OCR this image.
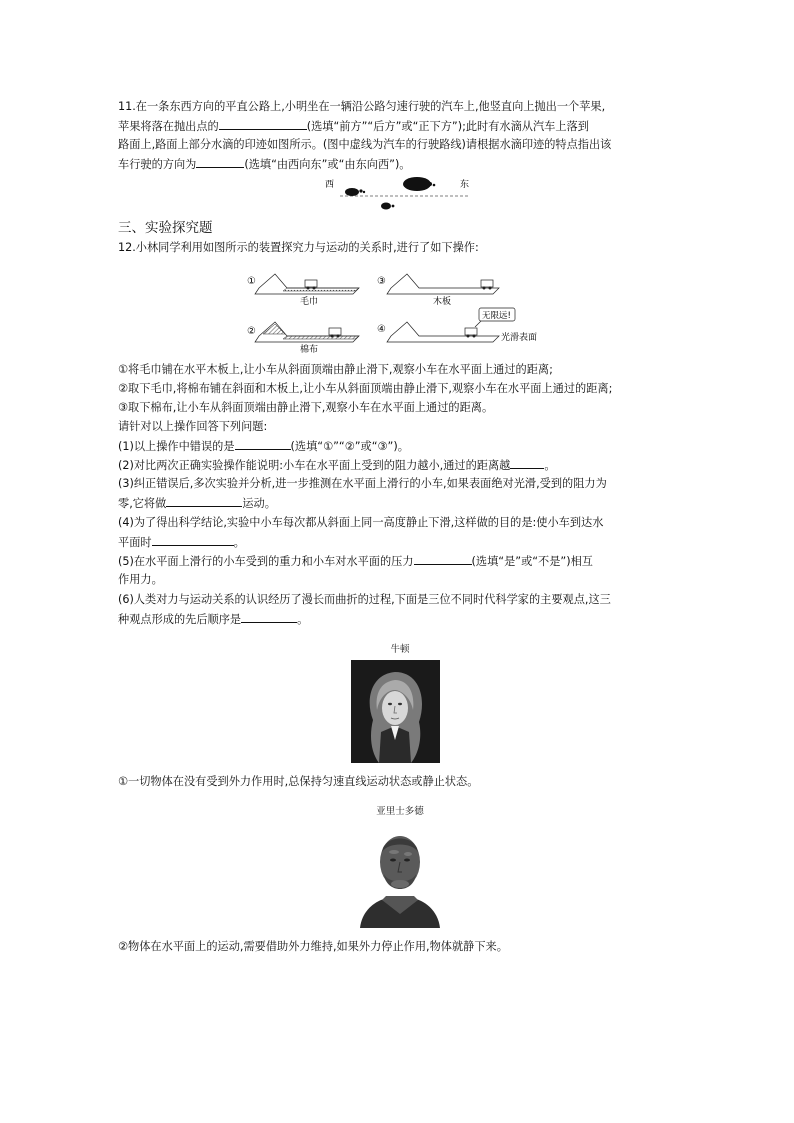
11.在一条东西方向的平直公路上,小明坐在一辆沿公路匀速行驶的汽车上,他竖直向上抛出一个苹果,
苹果将落在抛出点的	(选填“前方”“后方”或“正下方”);此时有水滴从汽车上落到
路面上,路面上部分水滴的印迹如图所示。(图中虚线为汽车的行驶路线)请根据水滴印迹的特点指出该
车行驶的方向为	(选填“由西向东”或“由东向西”)。
西	东
三、实验探究题
12.小林同学利用如图所示的装置探究力与运动的关系时,进行了如下操作:
①
毛巾
③
木板
②
棉布
④
无限远!
光滑表面
①将毛巾铺在水平木板上,让小车从斜面顶端由静止滑下,观察小车在水平面上通过的距离;
②取下毛巾,将棉布铺在斜面和木板上,让小车从斜面顶端由静止滑下,观察小车在水平面上通过的距离;
③取下棉布,让小车从斜面顶端由静止滑下,观察小车在水平面上通过的距离。
请针对以上操作回答下列问题:
(1)以上操作中错误的是	(选填“①”“②”或“③”)。
(2)对比两次正确实验操作能说明:小车在水平面上受到的阻力越小,通过的距离越	。
(3)纠正错误后,多次实验并分析,进一步推测在水平面上滑行的小车,如果表面绝对光滑,受到的阻力为
零,它将做	运动。
(4)为了得出科学结论,实验中小车每次都从斜面上同一高度静止下滑,这样做的目的是:使小车到达水
平面时	。
(5)在水平面上滑行的小车受到的重力和小车对水平面的压力	(选填“是”或“不是”)相互
作用力。
(6)人类对力与运动关系的认识经历了漫长而曲折的过程,下面是三位不同时代科学家的主要观点,这三
种观点形成的先后顺序是	。
牛顿
①一切物体在没有受到外力作用时,总保持匀速直线运动状态或静止状态。
亚里士多德
②物体在水平面上的运动,需要借助外力维持,如果外力停止作用,物体就静下来。
